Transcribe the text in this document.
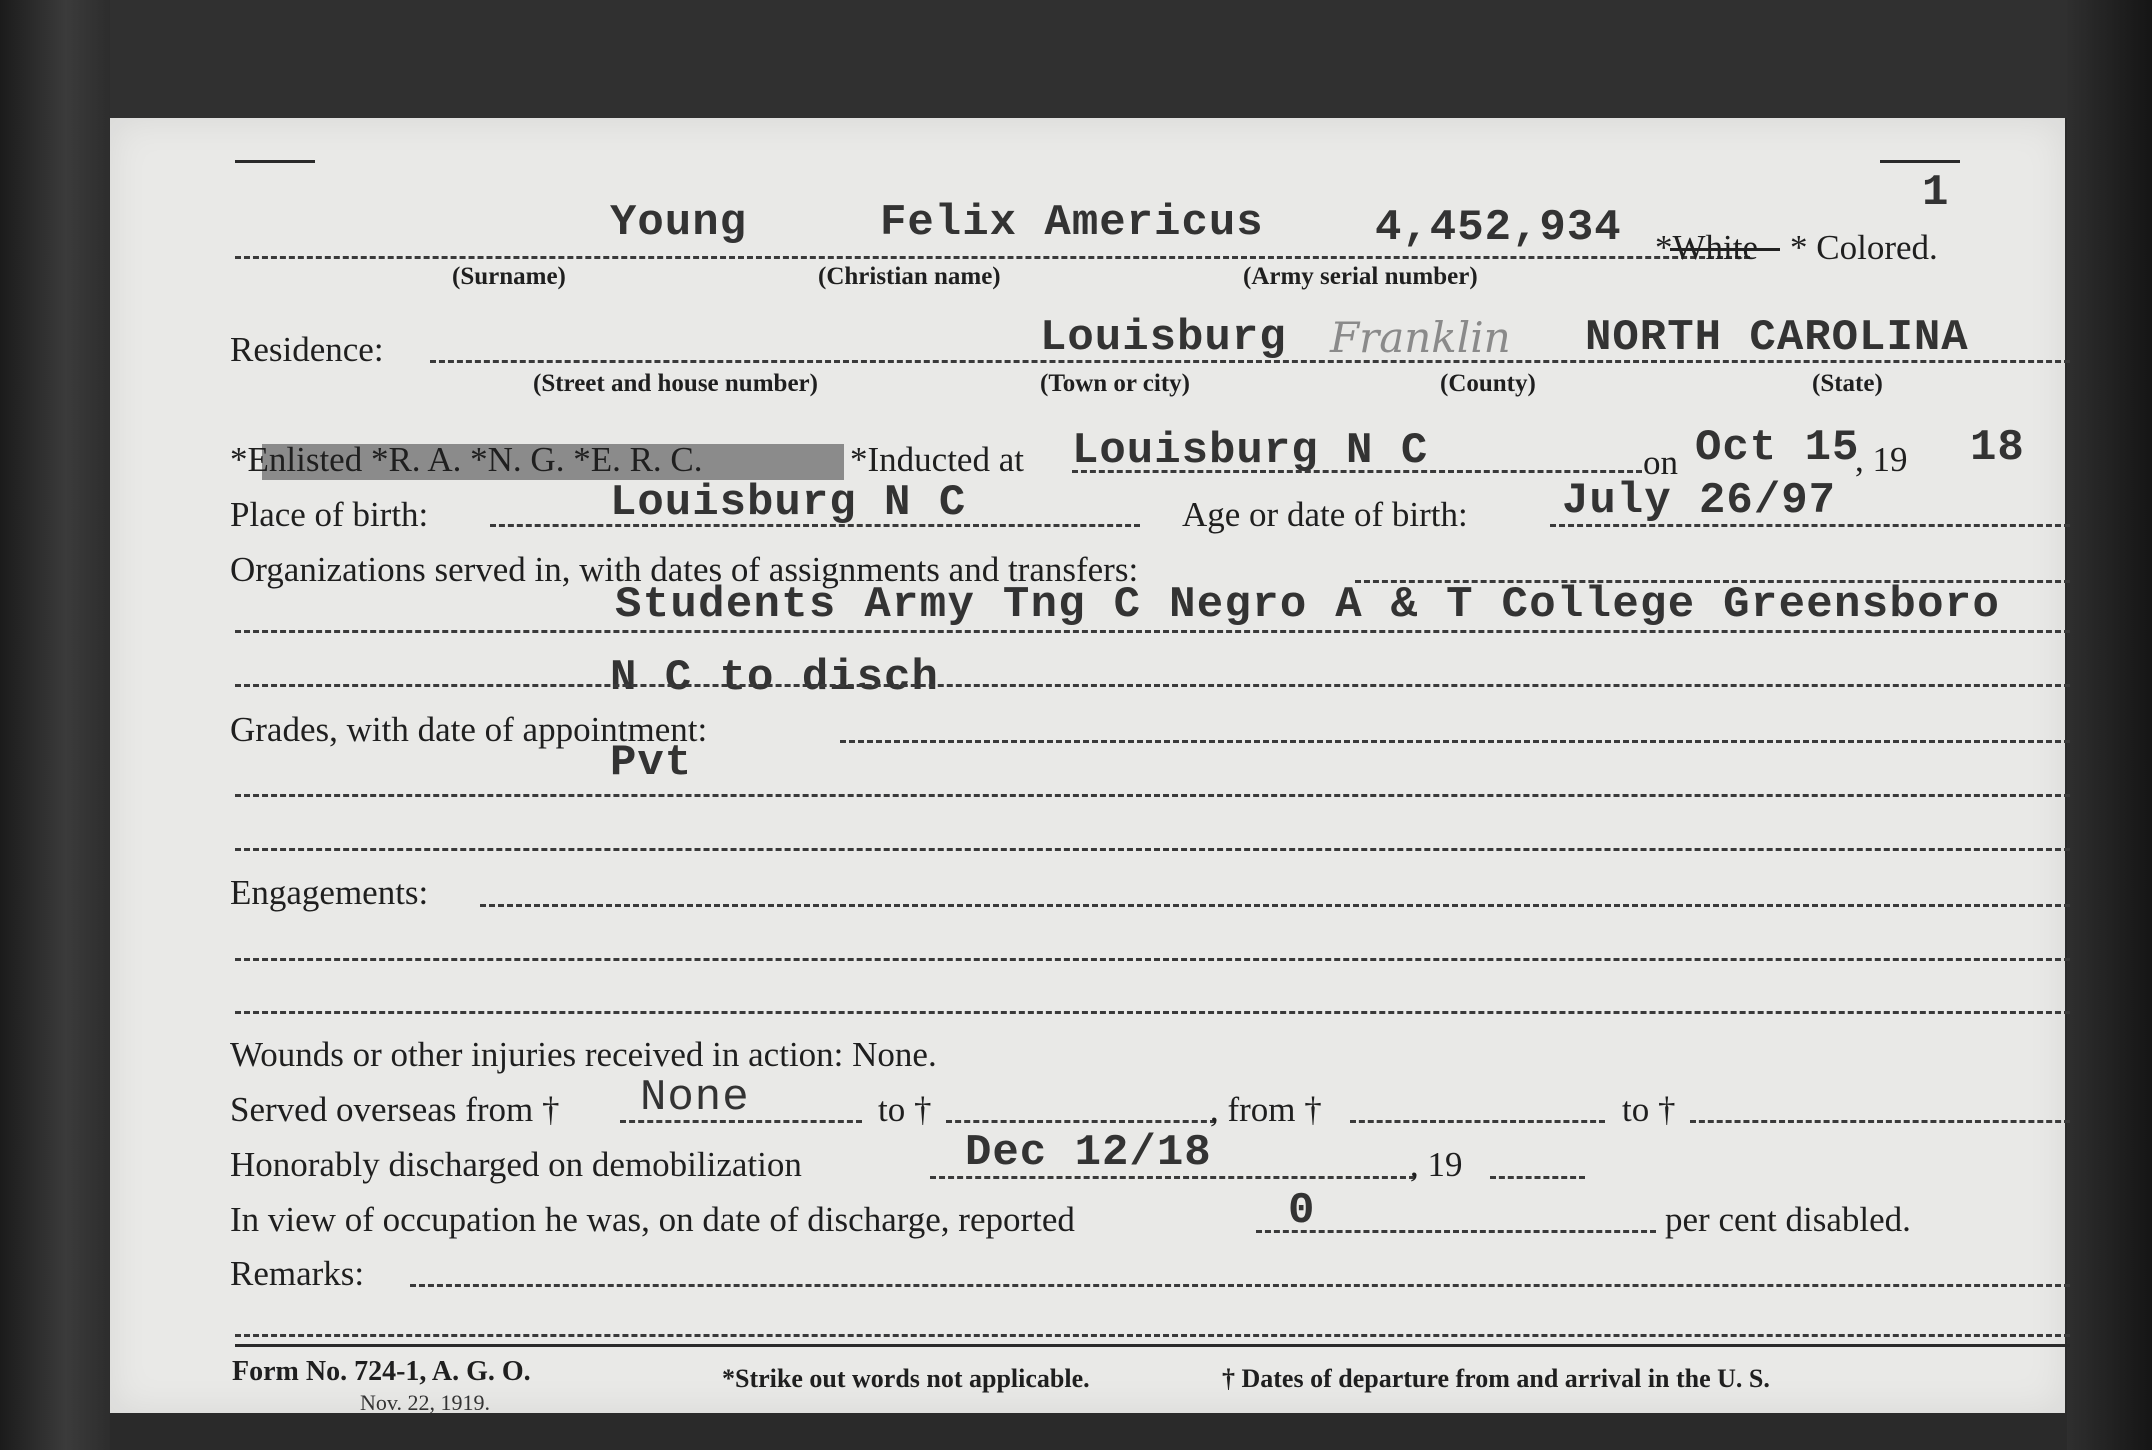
1
Young	Felix Americus	4,452,934 *White * Colored.
(Surname)	(Christian name)	(Army serial number)
Residence:	Louisburg Franklin NORTH CAROLINA
(Street and house number)	(Town or city)	(County)	(State)
*Enlisted *R. A. *N. G. *E. R. C.	*Inducted at Louisburg N C	on Oct 15
, 19 18
Place of birth:	Louisburg N C	Age or date of birth: July 26/97
Organizations served in, with dates of assignments and transfers:
Students Army Tng C Negro A & T College Greensboro
N C to disch
Grades, with date of appointment:
Pvt
Engagements:
Wounds or other injuries received in action: None.
Served overseas from † None	to †	, from †	to †
Honorably discharged on demobilization	Dec 12/18	, 19
In view of occupation he was, on date of discharge, reported	0	per cent disabled.
Remarks:
Form No. 724-1, A. G. O.
Nov. 22, 1919.
*Strike out words not applicable.	† Dates of departure from and arrival in the U. S.
